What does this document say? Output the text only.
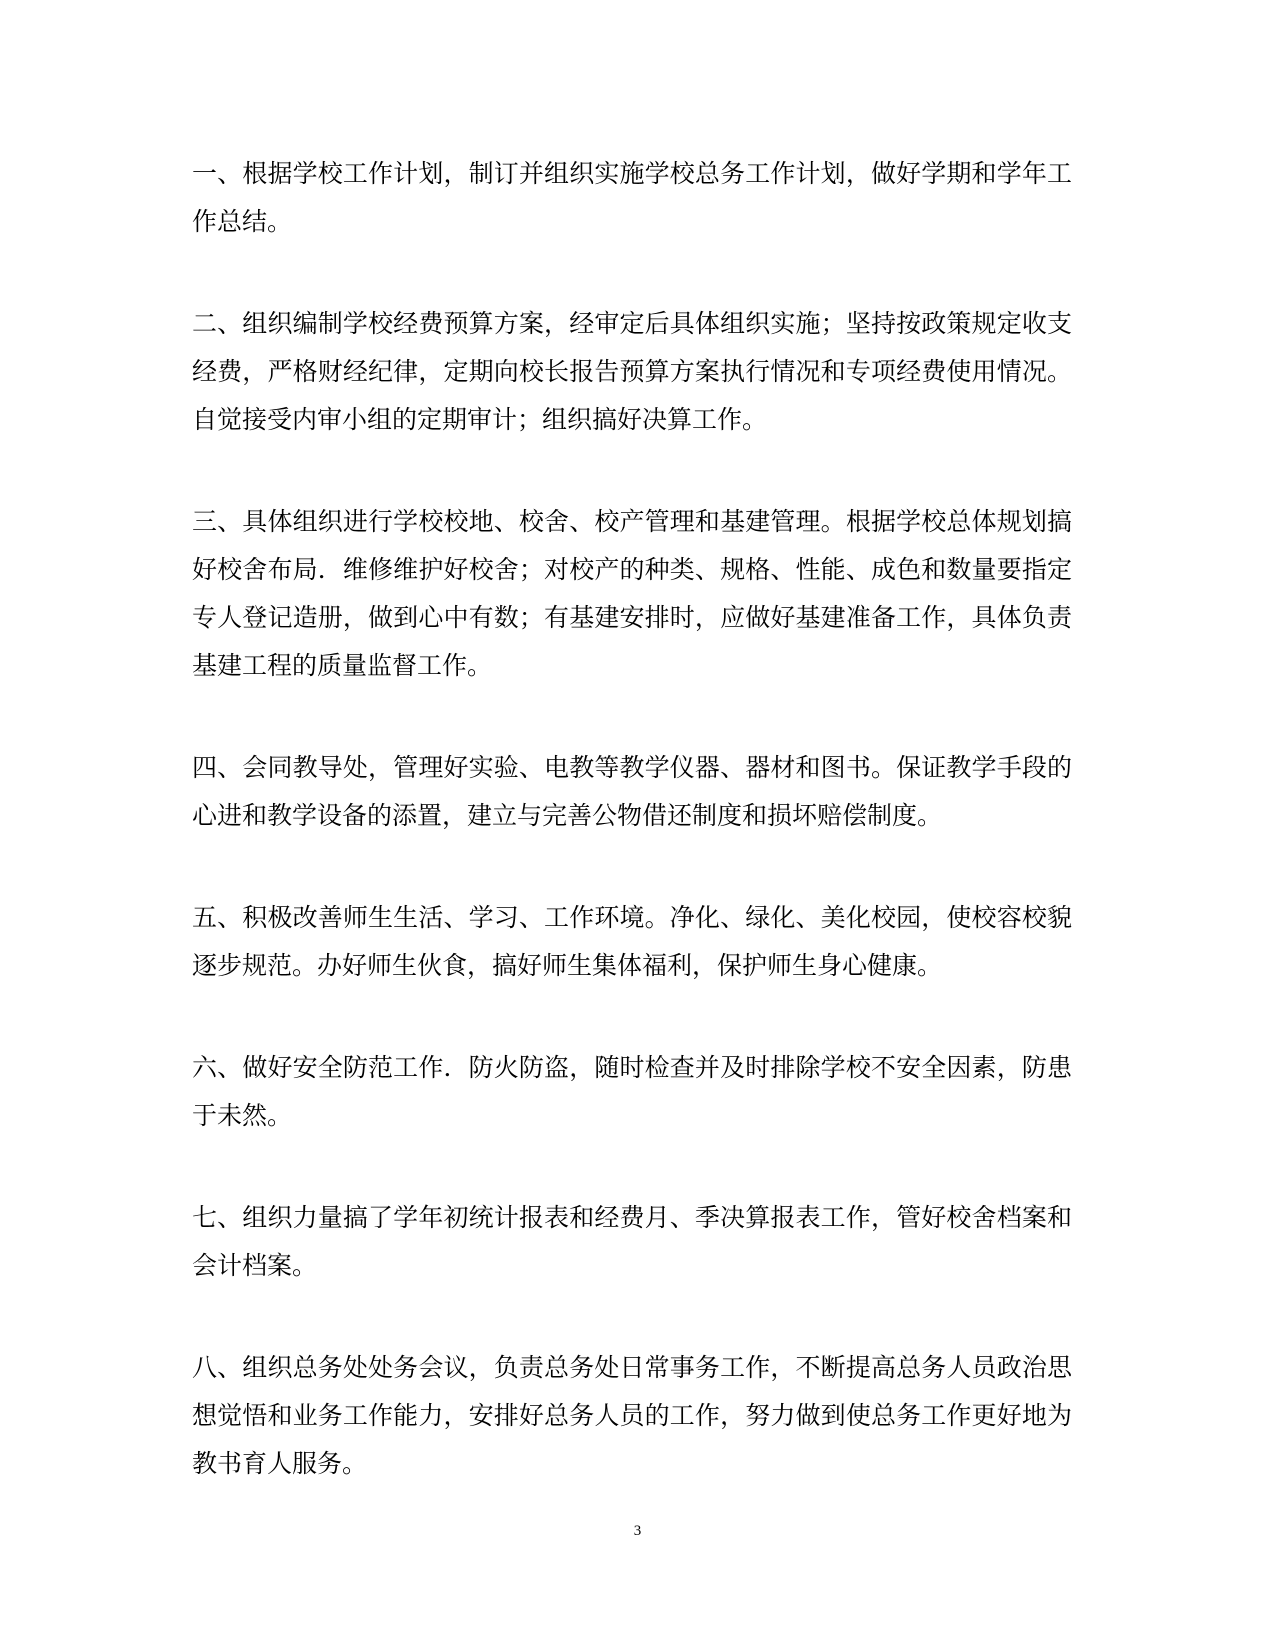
一、根据学校工作计划，制订并组织实施学校总务工作计划，做好学期和学年工作总结。

二、组织编制学校经费预算方案，经审定后具体组织实施；坚持按政策规定收支经费，严格财经纪律，定期向校长报告预算方案执行情况和专项经费使用情况。自觉接受内审小组的定期审计；组织搞好决算工作。

三、具体组织进行学校校地、校舍、校产管理和基建管理。根据学校总体规划搞好校舍布局．维修维护好校舍；对校产的种类、规格、性能、成色和数量要指定专人登记造册，做到心中有数；有基建安排时，应做好基建准备工作，具体负责基建工程的质量监督工作。

四、会同教导处，管理好实验、电教等教学仪器、器材和图书。保证教学手段的心进和教学设备的添置，建立与完善公物借还制度和损坏赔偿制度。

五、积极改善师生生活、学习、工作环境。净化、绿化、美化校园，使校容校貌逐步规范。办好师生伙食，搞好师生集体福利，保护师生身心健康。

六、做好安全防范工作．防火防盗，随时检查并及时排除学校不安全因素，防患于未然。

七、组织力量搞了学年初统计报表和经费月、季决算报表工作，管好校舍档案和会计档案。

八、组织总务处处务会议，负责总务处日常事务工作，不断提高总务人员政治思想觉悟和业务工作能力，安排好总务人员的工作，努力做到使总务工作更好地为教书育人服务。

3
